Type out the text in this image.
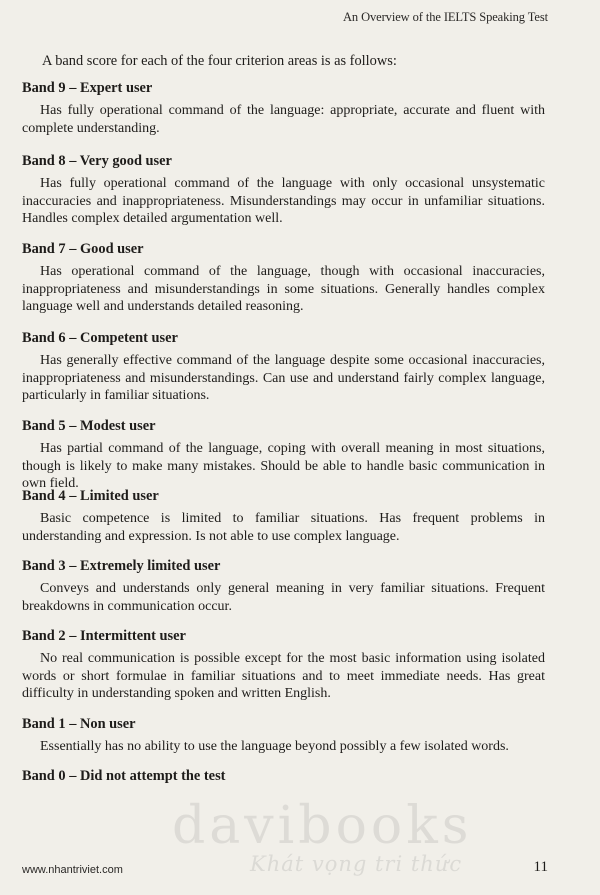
An Overview of the IELTS Speaking Test
A band score for each of the four criterion areas is as follows:

Band 9 – Expert user

Has fully operational command of the language: appropriate, accurate and fluent with complete understanding.

Band 8 – Very good user

Has fully operational command of the language with only occasional unsystematic inaccuracies and inappropriateness. Misunderstandings may occur in unfamiliar situations. Handles complex detailed argumentation well.

Band 7 – Good user

Has operational command of the language, though with occasional inaccuracies, inappropriateness and misunderstandings in some situations. Generally handles complex language well and understands detailed reasoning.

Band 6 – Competent user

Has generally effective command of the language despite some occasional inaccuracies, inappropriateness and misunderstandings. Can use and understand fairly complex language, particularly in familiar situations.

Band 5 – Modest user

Has partial command of the language, coping with overall meaning in most situations, though is likely to make many mistakes. Should be able to handle basic communication in own field.

Band 4 – Limited user

Basic competence is limited to familiar situations. Has frequent problems in understanding and expression. Is not able to use complex language.

Band 3 – Extremely limited user

Conveys and understands only general meaning in very familiar situations. Frequent breakdowns in communication occur.

Band 2 – Intermittent user

No real communication is possible except for the most basic information using isolated words or short formulae in familiar situations and to meet immediate needs. Has great difficulty in understanding spoken and written English.

Band 1 – Non user

Essentially has no ability to use the language beyond possibly a few isolated words.

Band 0 – Did not attempt the test

davibooks
Khát vọng tri thức
www.nhantriviet.com	11
